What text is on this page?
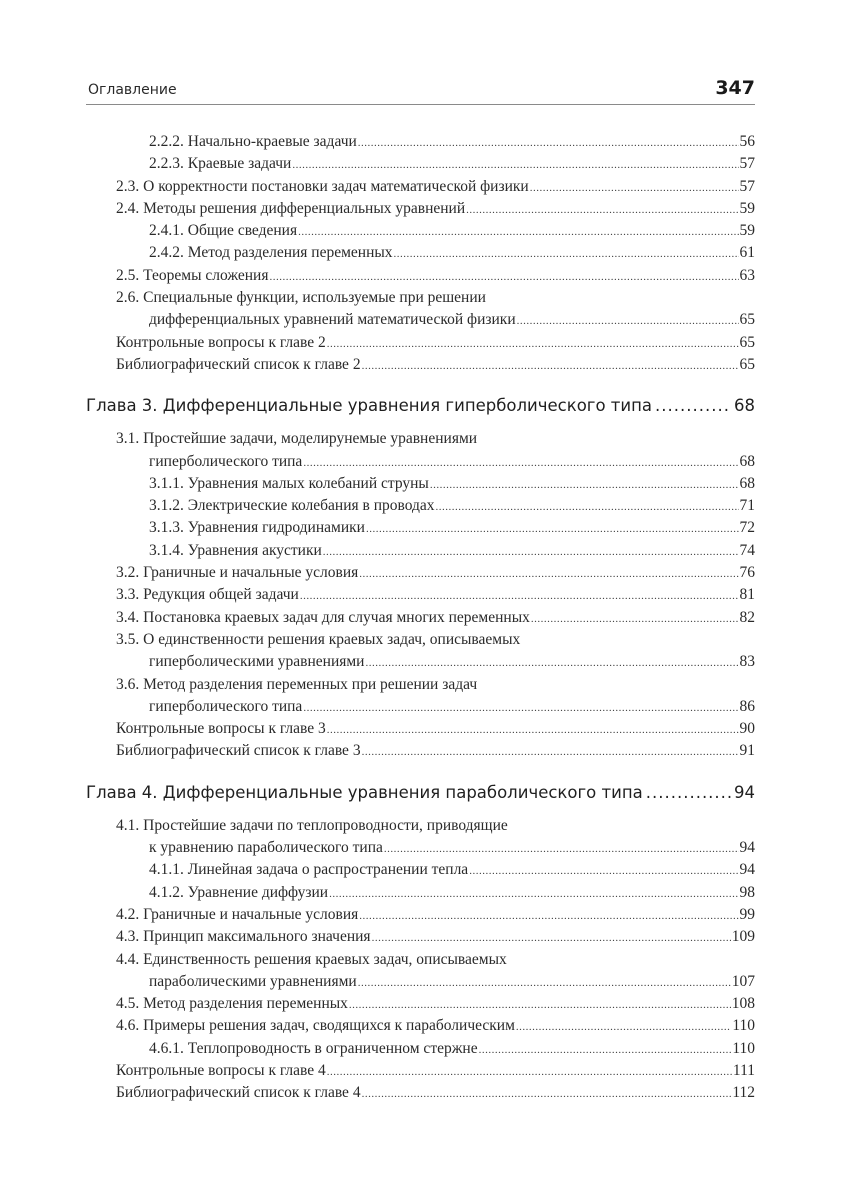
Оглавление	347
2.2.2. Начально-краевые задачи .....	56
2.2.3. Краевые задачи .....	57
2.3. О корректности постановки задач математической физики .....	57
2.4. Методы решения дифференциальных уравнений .....	59
2.4.1. Общие сведения .....	59
2.4.2. Метод разделения переменных .....	61
2.5. Теоремы сложения .....	63
2.6. Специальные функции, используемые при решении
дифференциальных уравнений математической физики .....	65
Контрольные вопросы к главе 2 .....	65
Библиографический список к главе 2 .....	65
Глава 3. Дифференциальные уравнения гиперболического типа .....	68
3.1. Простейшие задачи, моделирунемые уравнениями
гиперболического типа .....	68
3.1.1. Уравнения малых колебаний струны .....	68
3.1.2. Электрические колебания в проводах .....	71
3.1.3. Уравнения гидродинамики .....	72
3.1.4. Уравнения акустики .....	74
3.2. Граничные и начальные условия .....	76
3.3. Редукция общей задачи .....	81
3.4. Постановка краевых задач для случая многих переменных .....	82
3.5. О единственности решения краевых задач, описываемых
гиперболическими уравнениями .....	83
3.6. Метод разделения переменных при решении задач
гиперболического типа .....	86
Контрольные вопросы к главе 3 .....	90
Библиографический список к главе 3 .....	91
Глава 4. Дифференциальные уравнения параболического типа .....	94
4.1. Простейшие задачи по теплопроводности, приводящие
к уравнению параболического типа .....	94
4.1.1. Линейная задача о распространении тепла .....	94
4.1.2. Уравнение диффузии .....	98
4.2. Граничные и начальные условия .....	99
4.3. Принцип максимального значения .....	109
4.4. Единственность решения краевых задач, описываемых
параболическими уравнениями .....	107
4.5. Метод разделения переменных .....	108
4.6. Примеры решения задач, сводящихся к параболическим .....	110
4.6.1. Теплопроводность в ограниченном стержне .....	110
Контрольные вопросы к главе 4 .....	111
Библиографический список к главе 4 .....	112
